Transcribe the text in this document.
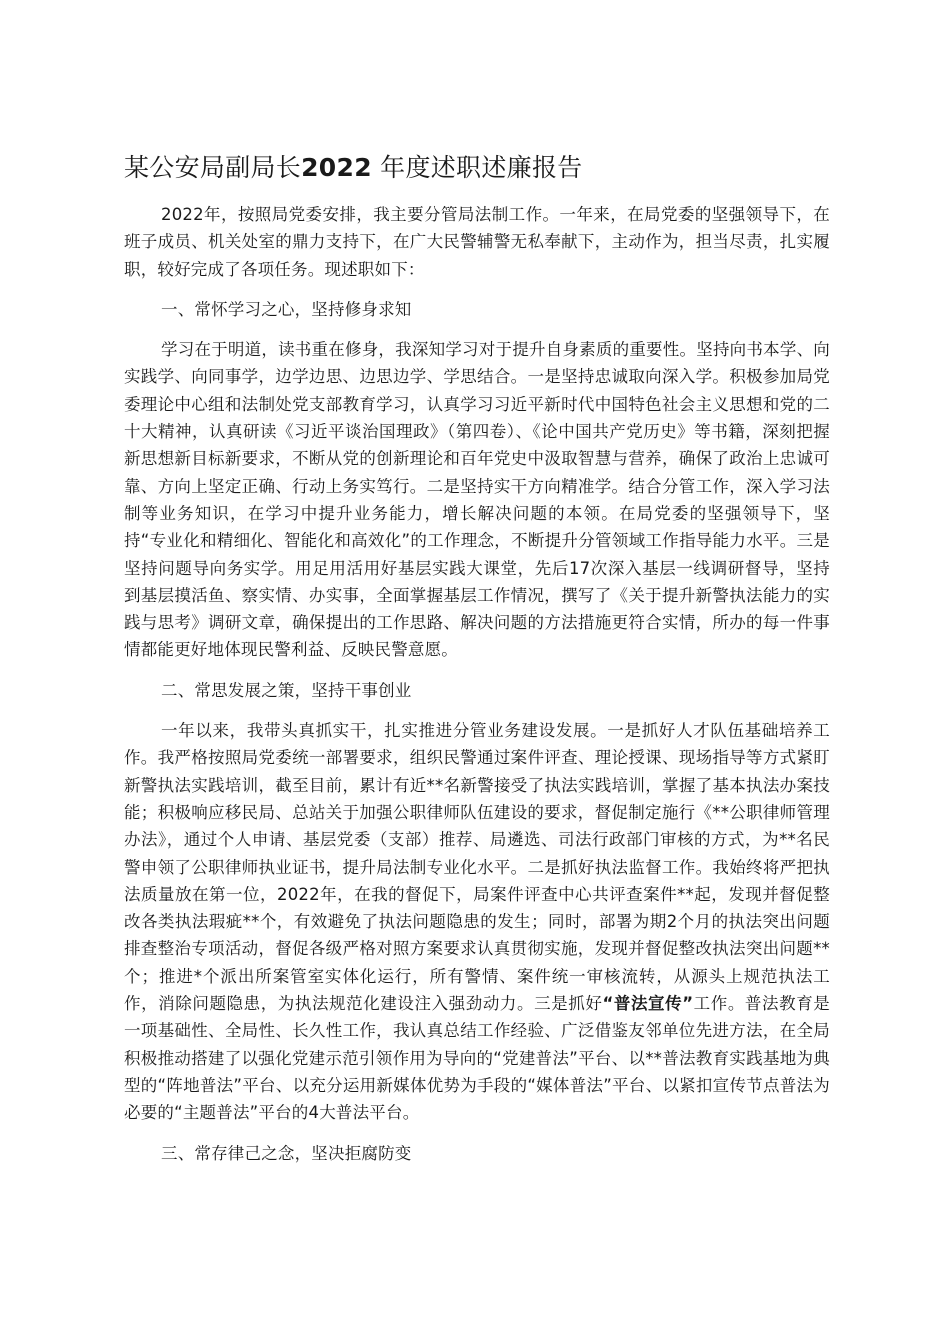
某公安局副局长2022 年度述职述廉报告

2022年，按照局党委安排，我主要分管局法制工作。一年来，在局党委的坚强领导下，在班子成员、机关处室的鼎力支持下，在广大民警辅警无私奉献下，主动作为，担当尽责，扎实履职，较好完成了各项任务。现述职如下：

一、常怀学习之心，坚持修身求知

学习在于明道，读书重在修身，我深知学习对于提升自身素质的重要性。坚持向书本学、向实践学、向同事学，边学边思、边思边学、学思结合。一是坚持忠诚取向深入学。积极参加局党委理论中心组和法制处党支部教育学习，认真学习习近平新时代中国特色社会主义思想和党的二十大精神，认真研读《习近平谈治国理政》（第四卷）、《论中国共产党历史》等书籍，深刻把握新思想新目标新要求，不断从党的创新理论和百年党史中汲取智慧与营养，确保了政治上忠诚可靠、方向上坚定正确、行动上务实笃行。二是坚持实干方向精准学。结合分管工作，深入学习法制等业务知识，在学习中提升业务能力，增长解决问题的本领。在局党委的坚强领导下，坚持“专业化和精细化、智能化和高效化”的工作理念，不断提升分管领域工作指导能力水平。三是坚持问题导向务实学。用足用活用好基层实践大课堂，先后17次深入基层一线调研督导，坚持到基层摸活鱼、察实情、办实事，全面掌握基层工作情况，撰写了《关于提升新警执法能力的实践与思考》调研文章，确保提出的工作思路、解决问题的方法措施更符合实情，所办的每一件事情都能更好地体现民警利益、反映民警意愿。

二、常思发展之策，坚持干事创业

一年以来，我带头真抓实干，扎实推进分管业务建设发展。一是抓好人才队伍基础培养工作。我严格按照局党委统一部署要求，组织民警通过案件评查、理论授课、现场指导等方式紧盯新警执法实践培训，截至目前，累计有近**名新警接受了执法实践培训，掌握了基本执法办案技能；积极响应移民局、总站关于加强公职律师队伍建设的要求，督促制定施行《**公职律师管理办法》，通过个人申请、基层党委（支部）推荐、局遴选、司法行政部门审核的方式，为**名民警申领了公职律师执业证书，提升局法制专业化水平。二是抓好执法监督工作。我始终将严把执法质量放在第一位，2022年，在我的督促下，局案件评查中心共评查案件**起，发现并督促整改各类执法瑕疵**个，有效避免了执法问题隐患的发生；同时，部署为期2个月的执法突出问题排查整治专项活动，督促各级严格对照方案要求认真贯彻实施，发现并督促整改执法突出问题**个；推进*个派出所案管室实体化运行，所有警情、案件统一审核流转，从源头上规范执法工作，消除问题隐患，为执法规范化建设注入强劲动力。三是抓好“普法宣传”工作。普法教育是一项基础性、全局性、长久性工作，我认真总结工作经验、广泛借鉴友邻单位先进方法，在全局积极推动搭建了以强化党建示范引领作用为导向的“党建普法”平台、以**普法教育实践基地为典型的“阵地普法”平台、以充分运用新媒体优势为手段的“媒体普法”平台、以紧扣宣传节点普法为必要的“主题普法”平台的4大普法平台。

三、常存律己之念，坚决拒腐防变
